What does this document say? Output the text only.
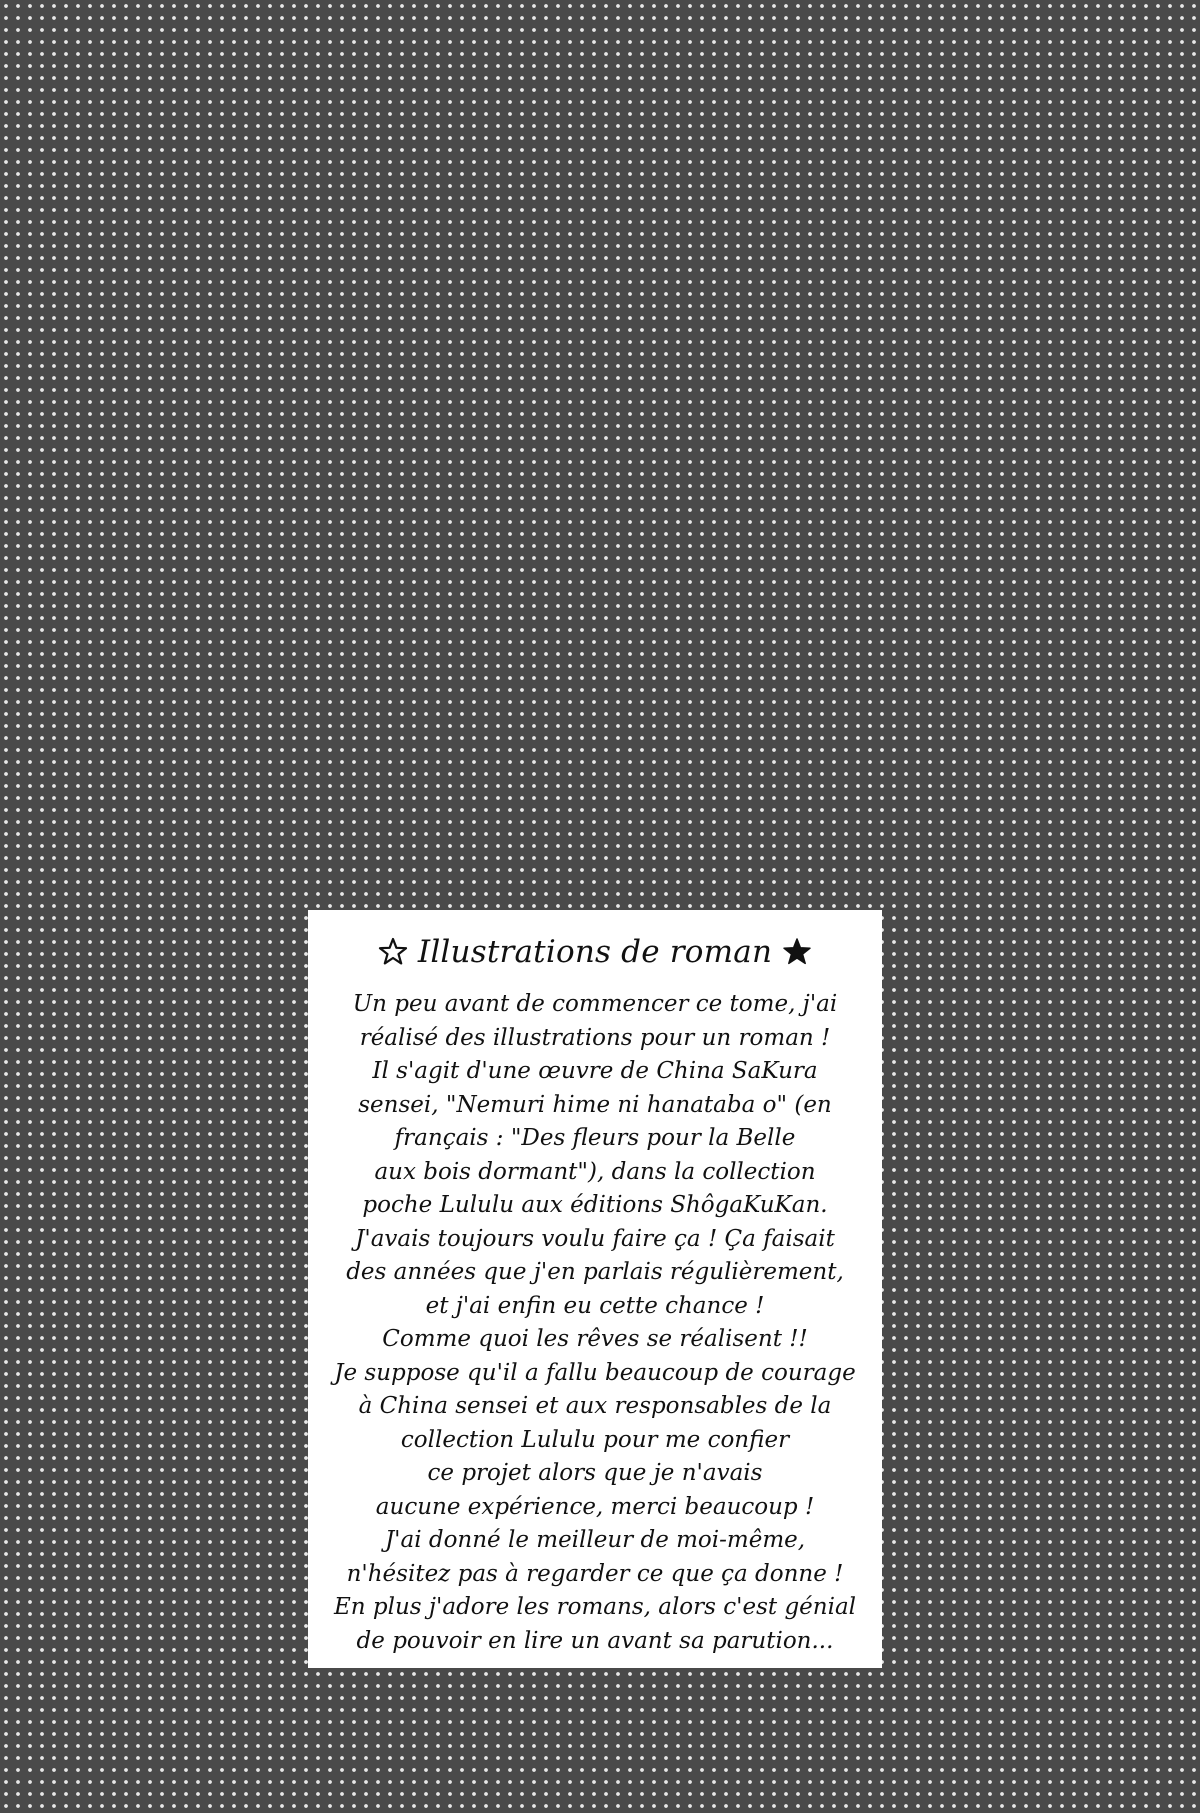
Illustrations de roman
Un peu avant de commencer ce tome, j'ai
réalisé des illustrations pour un roman !
Il s'agit d'une œuvre de China SaKura
sensei, "Nemuri hime ni hanataba o" (en
français : "Des fleurs pour la Belle
aux bois dormant"), dans la collection
poche Lululu aux éditions ShôgaKuKan.
J'avais toujours voulu faire ça ! Ça faisait
des années que j'en parlais régulièrement,
et j'ai enfin eu cette chance !
Comme quoi les rêves se réalisent !!
Je suppose qu'il a fallu beaucoup de courage
à China sensei et aux responsables de la
collection Lululu pour me confier
ce projet alors que je n'avais
aucune expérience, merci beaucoup !
J'ai donné le meilleur de moi-même,
n'hésitez pas à regarder ce que ça donne !
En plus j'adore les romans, alors c'est génial
de pouvoir en lire un avant sa parution...
